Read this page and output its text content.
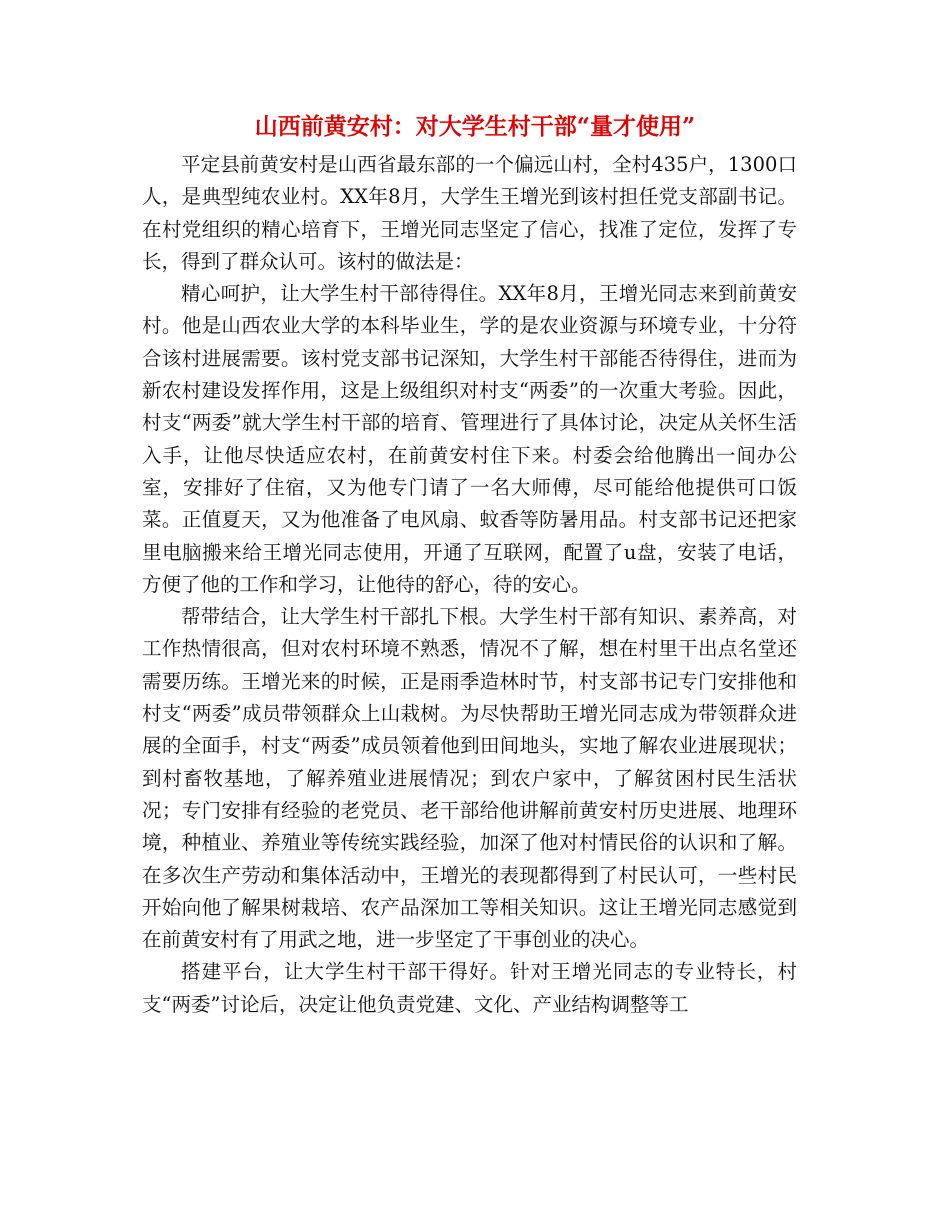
山西前黄安村：对大学生村干部“量才使用”

平定县前黄安村是山西省最东部的一个偏远山村，全村435户，1300口人，是典型纯农业村。XX年8月，大学生王增光到该村担任党支部副书记。在村党组织的精心培育下，王增光同志坚定了信心，找准了定位，发挥了专长，得到了群众认可。该村的做法是：

精心呵护，让大学生村干部待得住。XX年8月，王增光同志来到前黄安村。他是山西农业大学的本科毕业生，学的是农业资源与环境专业，十分符合该村进展需要。该村党支部书记深知，大学生村干部能否待得住，进而为新农村建设发挥作用，这是上级组织对村支“两委”的一次重大考验。因此，村支“两委”就大学生村干部的培育、管理进行了具体讨论，决定从关怀生活入手，让他尽快适应农村，在前黄安村住下来。村委会给他腾出一间办公室，安排好了住宿，又为他专门请了一名大师傅，尽可能给他提供可口饭菜。正值夏天，又为他准备了电风扇、蚊香等防暑用品。村支部书记还把家里电脑搬来给王增光同志使用，开通了互联网，配置了u盘，安装了电话，方便了他的工作和学习，让他待的舒心，待的安心。

帮带结合，让大学生村干部扎下根。大学生村干部有知识、素养高，对工作热情很高，但对农村环境不熟悉，情况不了解，想在村里干出点名堂还需要历练。王增光来的时候，正是雨季造林时节，村支部书记专门安排他和村支“两委”成员带领群众上山栽树。为尽快帮助王增光同志成为带领群众进展的全面手，村支“两委”成员领着他到田间地头，实地了解农业进展现状；到村畜牧基地，了解养殖业进展情况；到农户家中，了解贫困村民生活状况；专门安排有经验的老党员、老干部给他讲解前黄安村历史进展、地理环境，种植业、养殖业等传统实践经验，加深了他对村情民俗的认识和了解。在多次生产劳动和集体活动中，王增光的表现都得到了村民认可，一些村民开始向他了解果树栽培、农产品深加工等相关知识。这让王增光同志感觉到在前黄安村有了用武之地，进一步坚定了干事创业的决心。

搭建平台，让大学生村干部干得好。针对王增光同志的专业特长，村支“两委”讨论后，决定让他负责党建、文化、产业结构调整等工
